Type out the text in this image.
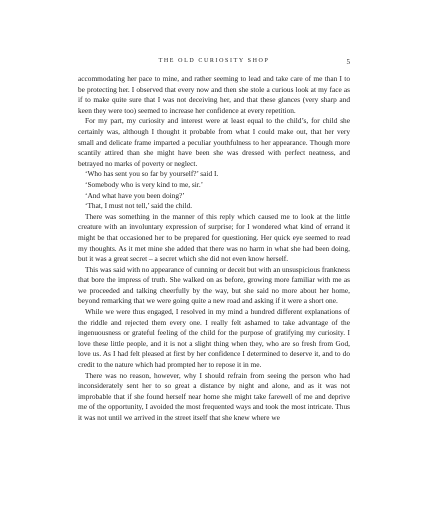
THE OLD CURIOSITY SHOP	5

accommodating her pace to mine, and rather seeming to lead and take care of me than I to be protecting her. I observed that every now and then she stole a curious look at my face as if to make quite sure that I was not deceiving her, and that these glances (very sharp and keen they were too) seemed to increase her confidence at every repetition.

For my part, my curiosity and interest were at least equal to the child’s, for child she certainly was, although I thought it probable from what I could make out, that her very small and delicate frame imparted a peculiar youthfulness to her appearance. Though more scantily attired than she might have been she was dressed with perfect neatness, and betrayed no marks of poverty or neglect.

‘Who has sent you so far by yourself?’ said I.

‘Somebody who is very kind to me, sir.’

‘And what have you been doing?’

‘That, I must not tell,’ said the child.

There was something in the manner of this reply which caused me to look at the little creature with an involuntary expression of surprise; for I wondered what kind of errand it might be that occasioned her to be prepared for questioning. Her quick eye seemed to read my thoughts. As it met mine she added that there was no harm in what she had been doing, but it was a great secret – a secret which she did not even know herself.

This was said with no appearance of cunning or deceit but with an unsuspicious frankness that bore the impress of truth. She walked on as before, growing more familiar with me as we proceeded and talking cheerfully by the way, but she said no more about her home, beyond remarking that we were going quite a new road and asking if it were a short one.

While we were thus engaged, I resolved in my mind a hundred different explanations of the riddle and rejected them every one. I really felt ashamed to take advantage of the ingenuousness or grateful feeling of the child for the purpose of gratifying my curiosity. I love these little people, and it is not a slight thing when they, who are so fresh from God, love us. As I had felt pleased at first by her confidence I determined to deserve it, and to do credit to the nature which had prompted her to repose it in me.

There was no reason, however, why I should refrain from seeing the person who had inconsiderately sent her to so great a distance by night and alone, and as it was not improbable that if she found herself near home she might take farewell of me and deprive me of the opportunity, I avoided the most frequented ways and took the most intricate. Thus it was not until we arrived in the street itself that she knew where we
